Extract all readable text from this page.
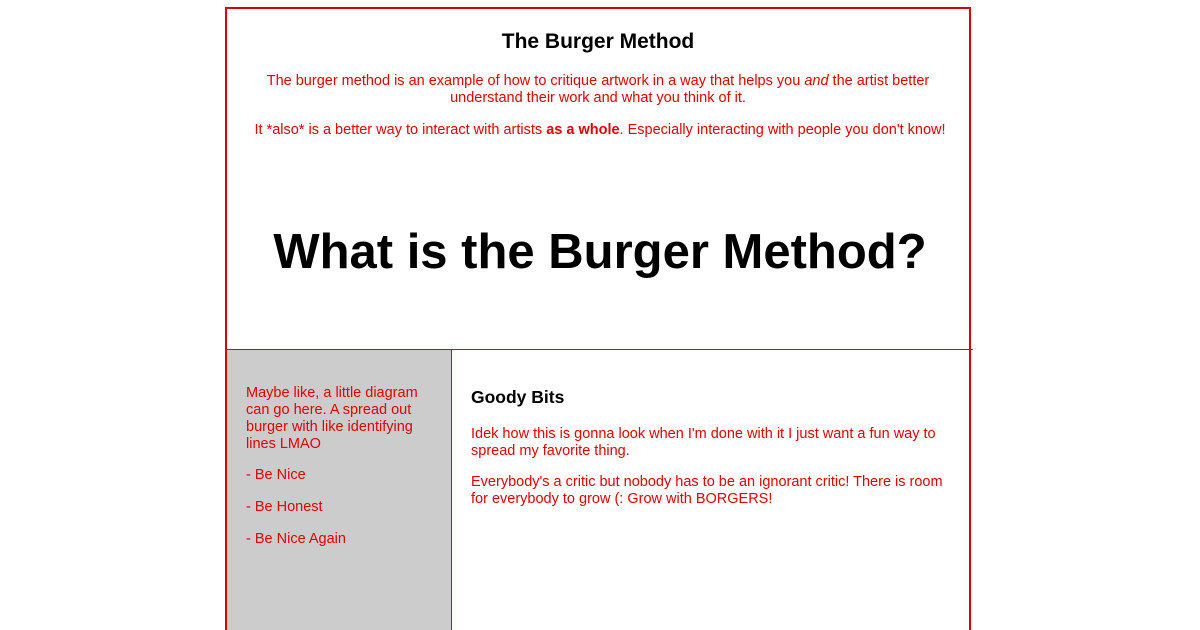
The Burger Method

The burger method is an example of how to critique artwork in a way that helps you and the artist better understand their work and what you think of it.

It *also* is a better way to interact with artists as a whole. Especially interacting with people you don't know!

What is the Burger Method?

Maybe like, a little diagram can go here. A spread out burger with like identifying lines LMAO

- Be Nice

- Be Honest

- Be Nice Again

Goody Bits

Idek how this is gonna look when I'm done with it I just want a fun way to spread my favorite thing.

Everybody's a critic but nobody has to be an ignorant critic! There is room for everybody to grow (: Grow with BORGERS!
